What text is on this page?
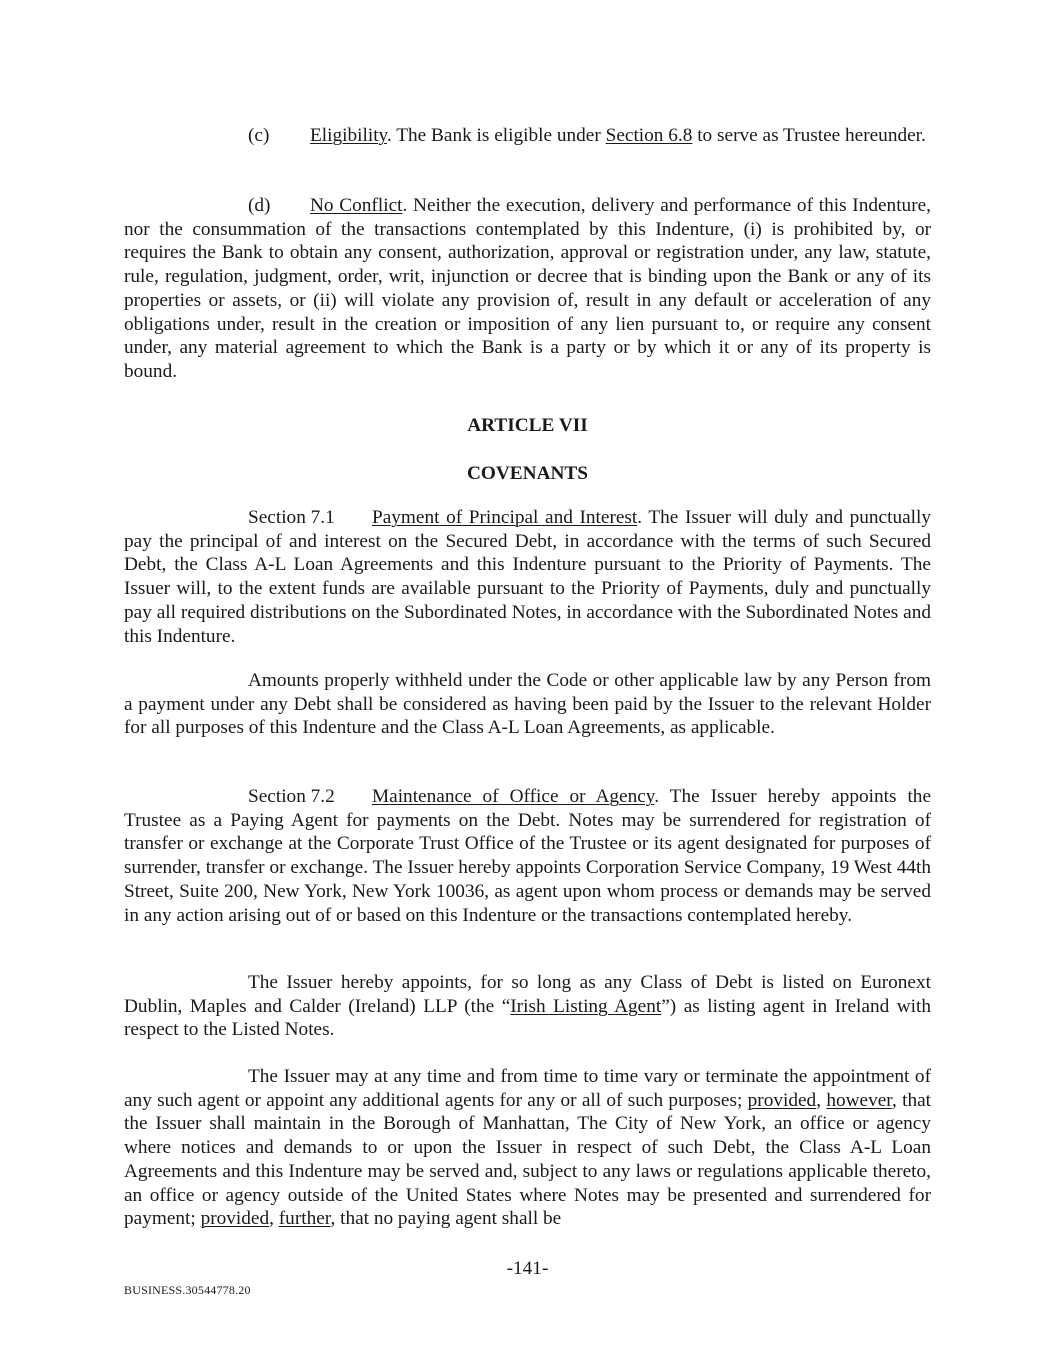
(c) Eligibility. The Bank is eligible under Section 6.8 to serve as Trustee hereunder.

(d) No Conflict. Neither the execution, delivery and performance of this Indenture, nor the consummation of the transactions contemplated by this Indenture, (i) is prohibited by, or requires the Bank to obtain any consent, authorization, approval or registration under, any law, statute, rule, regulation, judgment, order, writ, injunction or decree that is binding upon the Bank or any of its properties or assets, or (ii) will violate any provision of, result in any default or acceleration of any obligations under, result in the creation or imposition of any lien pursuant to, or require any consent under, any material agreement to which the Bank is a party or by which it or any of its property is bound.

ARTICLE VII

COVENANTS

Section 7.1 Payment of Principal and Interest. The Issuer will duly and punctually pay the principal of and interest on the Secured Debt, in accordance with the terms of such Secured Debt, the Class A-L Loan Agreements and this Indenture pursuant to the Priority of Payments. The Issuer will, to the extent funds are available pursuant to the Priority of Payments, duly and punctually pay all required distributions on the Subordinated Notes, in accordance with the Subordinated Notes and this Indenture.

Amounts properly withheld under the Code or other applicable law by any Person from a payment under any Debt shall be considered as having been paid by the Issuer to the relevant Holder for all purposes of this Indenture and the Class A-L Loan Agreements, as applicable.

Section 7.2 Maintenance of Office or Agency. The Issuer hereby appoints the Trustee as a Paying Agent for payments on the Debt. Notes may be surrendered for registration of transfer or exchange at the Corporate Trust Office of the Trustee or its agent designated for purposes of surrender, transfer or exchange. The Issuer hereby appoints Corporation Service Company, 19 West 44th Street, Suite 200, New York, New York 10036, as agent upon whom process or demands may be served in any action arising out of or based on this Indenture or the transactions contemplated hereby.

The Issuer hereby appoints, for so long as any Class of Debt is listed on Euronext Dublin, Maples and Calder (Ireland) LLP (the “Irish Listing Agent”) as listing agent in Ireland with respect to the Listed Notes.

The Issuer may at any time and from time to time vary or terminate the appointment of any such agent or appoint any additional agents for any or all of such purposes; provided, however, that the Issuer shall maintain in the Borough of Manhattan, The City of New York, an office or agency where notices and demands to or upon the Issuer in respect of such Debt, the Class A-L Loan Agreements and this Indenture may be served and, subject to any laws or regulations applicable thereto, an office or agency outside of the United States where Notes may be presented and surrendered for payment; provided, further, that no paying agent shall be

-141-
BUSINESS.30544778.20
